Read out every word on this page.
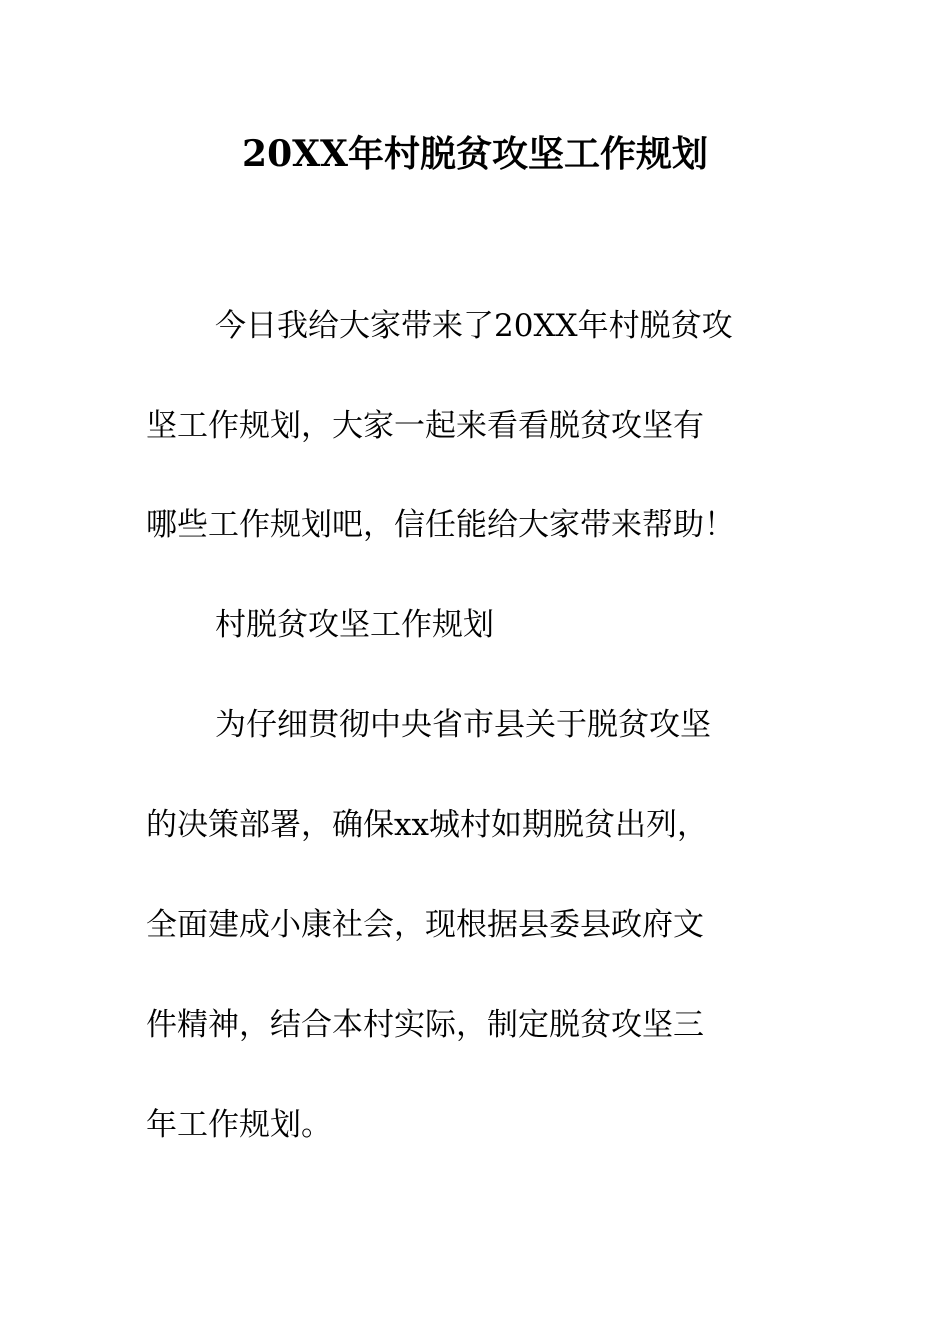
20XX年村脱贫攻坚工作规划

今日我给大家带来了20XX年村脱贫攻

坚工作规划，大家一起来看看脱贫攻坚有

哪些工作规划吧，信任能给大家带来帮助！

村脱贫攻坚工作规划

为仔细贯彻中央省市县关于脱贫攻坚

的决策部署，确保xx城村如期脱贫出列，

全面建成小康社会，现根据县委县政府文

件精神，结合本村实际，制定脱贫攻坚三

年工作规划。
